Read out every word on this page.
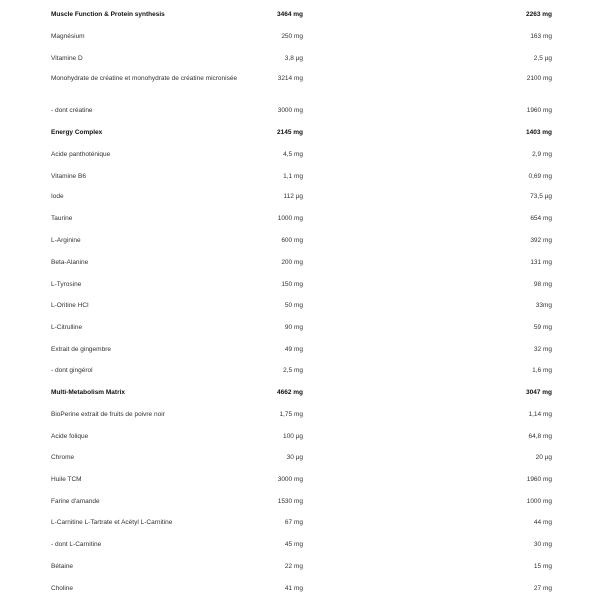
Muscle Function & Protein synthesis	3464 mg	2263 mg
Magnésium	250 mg	163 mg
Vitamine D	3,8 µg	2,5 µg
Monohydrate de créatine et monohydrate de créatine micronisée	3214 mg	2100 mg
- dont créatine	3000 mg	1960 mg
Energy Complex	2145 mg	1403 mg
Acide panthoténique	4,5 mg	2,9 mg
Vitamine B6	1,1 mg	0,69 mg
Iode	112 µg	73,5 µg
Taurine	1000 mg	654 mg
L-Arginine	600 mg	392 mg
Beta-Alanine	200 mg	131 mg
L-Tyrosine	150 mg	98 mg
L-Oritine HCl	50 mg	33mg
L-Citrulline	90 mg	59 mg
Extrait de gingembre	49 mg	32 mg
- dont gingérol	2,5 mg	1,6 mg
Multi-Metabolism Matrix	4662 mg	3047 mg
BioPerine extrait de fruits de poivre noir	1,75 mg	1,14 mg
Acide folique	100 µg	64,8 mg
Chrome	30 µg	20 µg
Huile TCM	3000 mg	1960 mg
Farine d'amande	1530 mg	1000 mg
L-Carnitine L-Tartrate et Acétyl L-Carnitine	67 mg	44 mg
- dont L-Carnitine	45 mg	30 mg
Bétaine	22 mg	15 mg
Choline	41 mg	27 mg
